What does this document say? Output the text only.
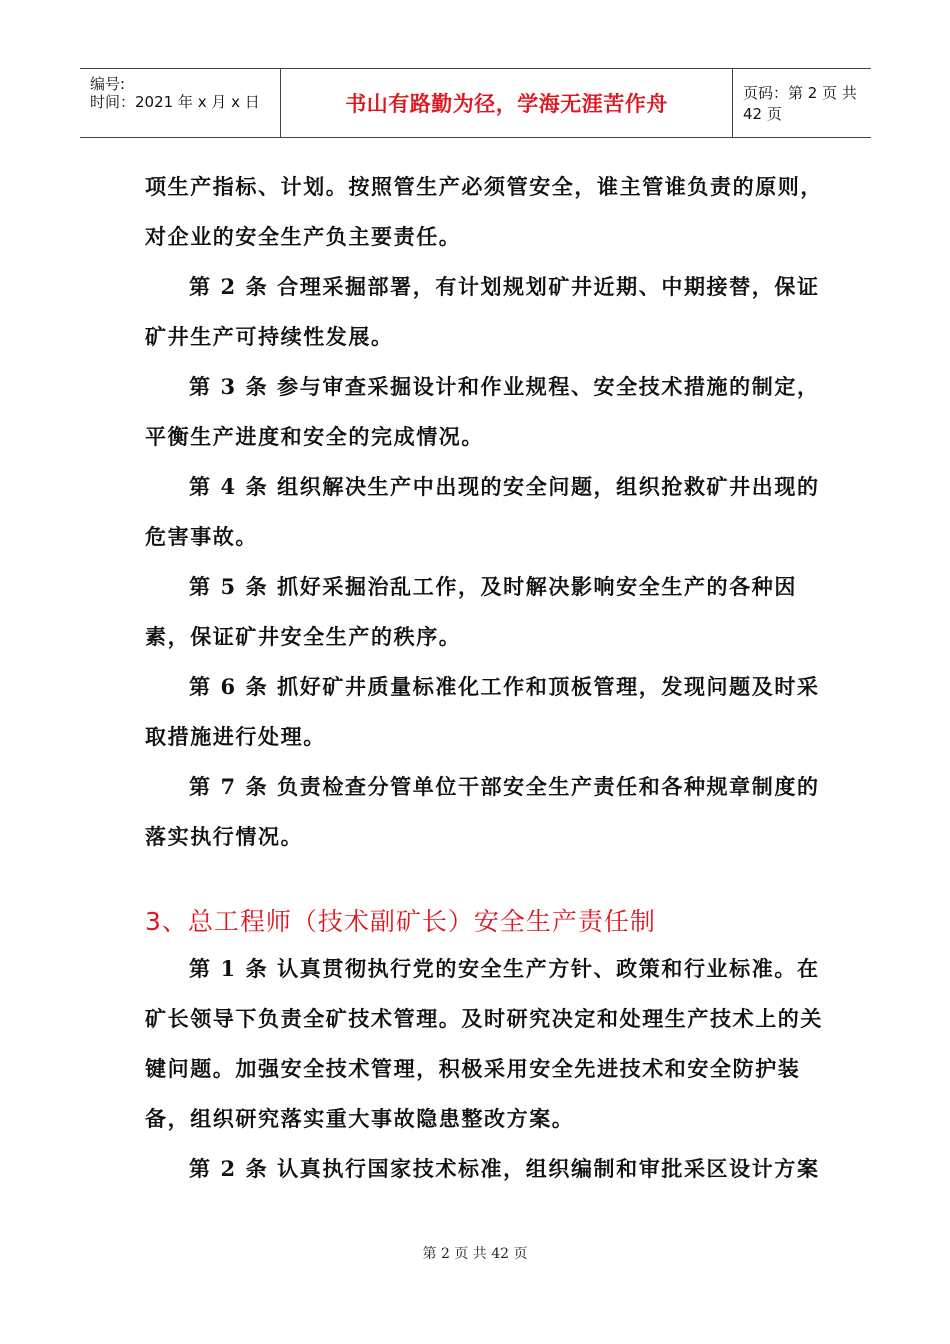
编号:
时间：2021 年 x 月 x 日	书山有路勤为径，学海无涯苦作舟	页码：第 2 页 共 42 页

项生产指标、计划。按照管生产必须管安全，谁主管谁负责的原则，对企业的安全生产负主要责任。

第 2 条 合理采掘部署，有计划规划矿井近期、中期接替，保证矿井生产可持续性发展。

第 3 条 参与审查采掘设计和作业规程、安全技术措施的制定，平衡生产进度和安全的完成情况。

第 4 条 组织解决生产中出现的安全问题，组织抢救矿井出现的危害事故。

第 5 条 抓好采掘治乱工作，及时解决影响安全生产的各种因素，保证矿井安全生产的秩序。

第 6 条 抓好矿井质量标准化工作和顶板管理，发现问题及时采取措施进行处理。

第 7 条 负责检查分管单位干部安全生产责任和各种规章制度的落实执行情况。

3、总工程师（技术副矿长）安全生产责任制

第 1 条 认真贯彻执行党的安全生产方针、政策和行业标准。在矿长领导下负责全矿技术管理。及时研究决定和处理生产技术上的关键问题。加强安全技术管理，积极采用安全先进技术和安全防护装备，组织研究落实重大事故隐患整改方案。

第 2 条 认真执行国家技术标准，组织编制和审批采区设计方案

第 2 页 共 42 页
